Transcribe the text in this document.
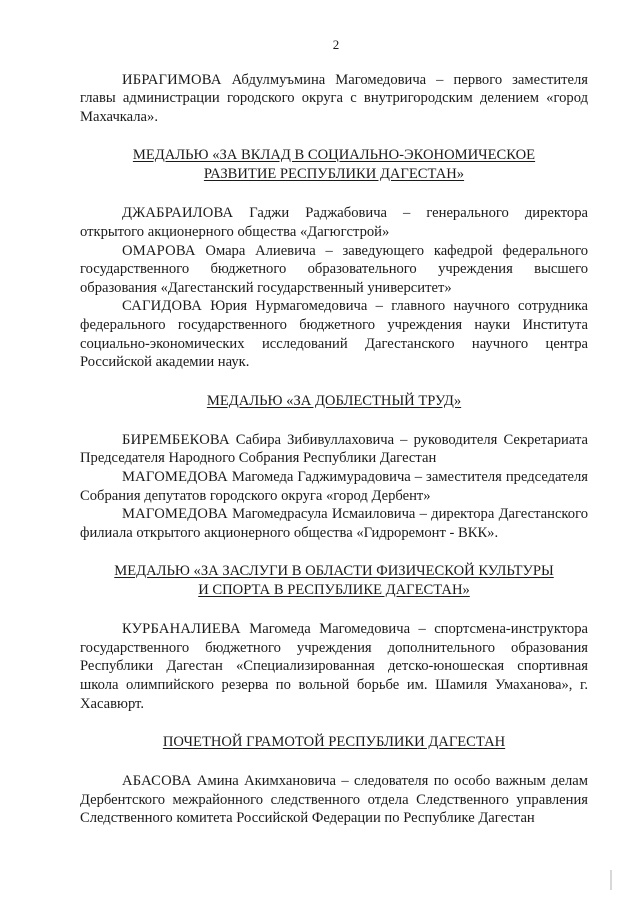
2

ИБРАГИМОВА Абдулмуъмина Магомедовича – первого заместителя главы администрации городского округа с внутригородским делением «город Махачкала».

МЕДАЛЬЮ «ЗА ВКЛАД В СОЦИАЛЬНО-ЭКОНОМИЧЕСКОЕ
РАЗВИТИЕ РЕСПУБЛИКИ ДАГЕСТАН»

ДЖАБРАИЛОВА Гаджи Раджабовича – генерального директора открытого акционерного общества «Дагюгстрой»

ОМАРОВА Омара Алиевича – заведующего кафедрой федерального государственного бюджетного образовательного учреждения высшего образования «Дагестанский государственный университет»

САГИДОВА Юрия Нурмагомедовича – главного научного сотрудника федерального государственного бюджетного учреждения науки Института социально-экономических исследований Дагестанского научного центра Российской академии наук.

МЕДАЛЬЮ «ЗА ДОБЛЕСТНЫЙ ТРУД»

БИРЕМБЕКОВА Сабира Зибивуллаховича – руководителя Секретариата Председателя Народного Собрания Республики Дагестан

МАГОМЕДОВА Магомеда Гаджимурадовича – заместителя председателя Собрания депутатов городского округа «город Дербент»

МАГОМЕДОВА Магомедрасула Исмаиловича – директора Дагестанского филиала открытого акционерного общества «Гидроремонт - ВКК».

МЕДАЛЬЮ «ЗА ЗАСЛУГИ В ОБЛАСТИ ФИЗИЧЕСКОЙ КУЛЬТУРЫ
И СПОРТА В РЕСПУБЛИКЕ ДАГЕСТАН»

КУРБАНАЛИЕВА Магомеда Магомедовича – спортсмена-инструктора государственного бюджетного учреждения дополнительного образования Республики Дагестан «Специализированная детско-юношеская спортивная школа олимпийского резерва по вольной борьбе им. Шамиля Умаханова», г. Хасавюрт.

ПОЧЕТНОЙ ГРАМОТОЙ РЕСПУБЛИКИ ДАГЕСТАН

АБАСОВА Амина Акимхановича – следователя по особо важным делам Дербентского межрайонного следственного отдела Следственного управления Следственного комитета Российской Федерации по Республике Дагестан
